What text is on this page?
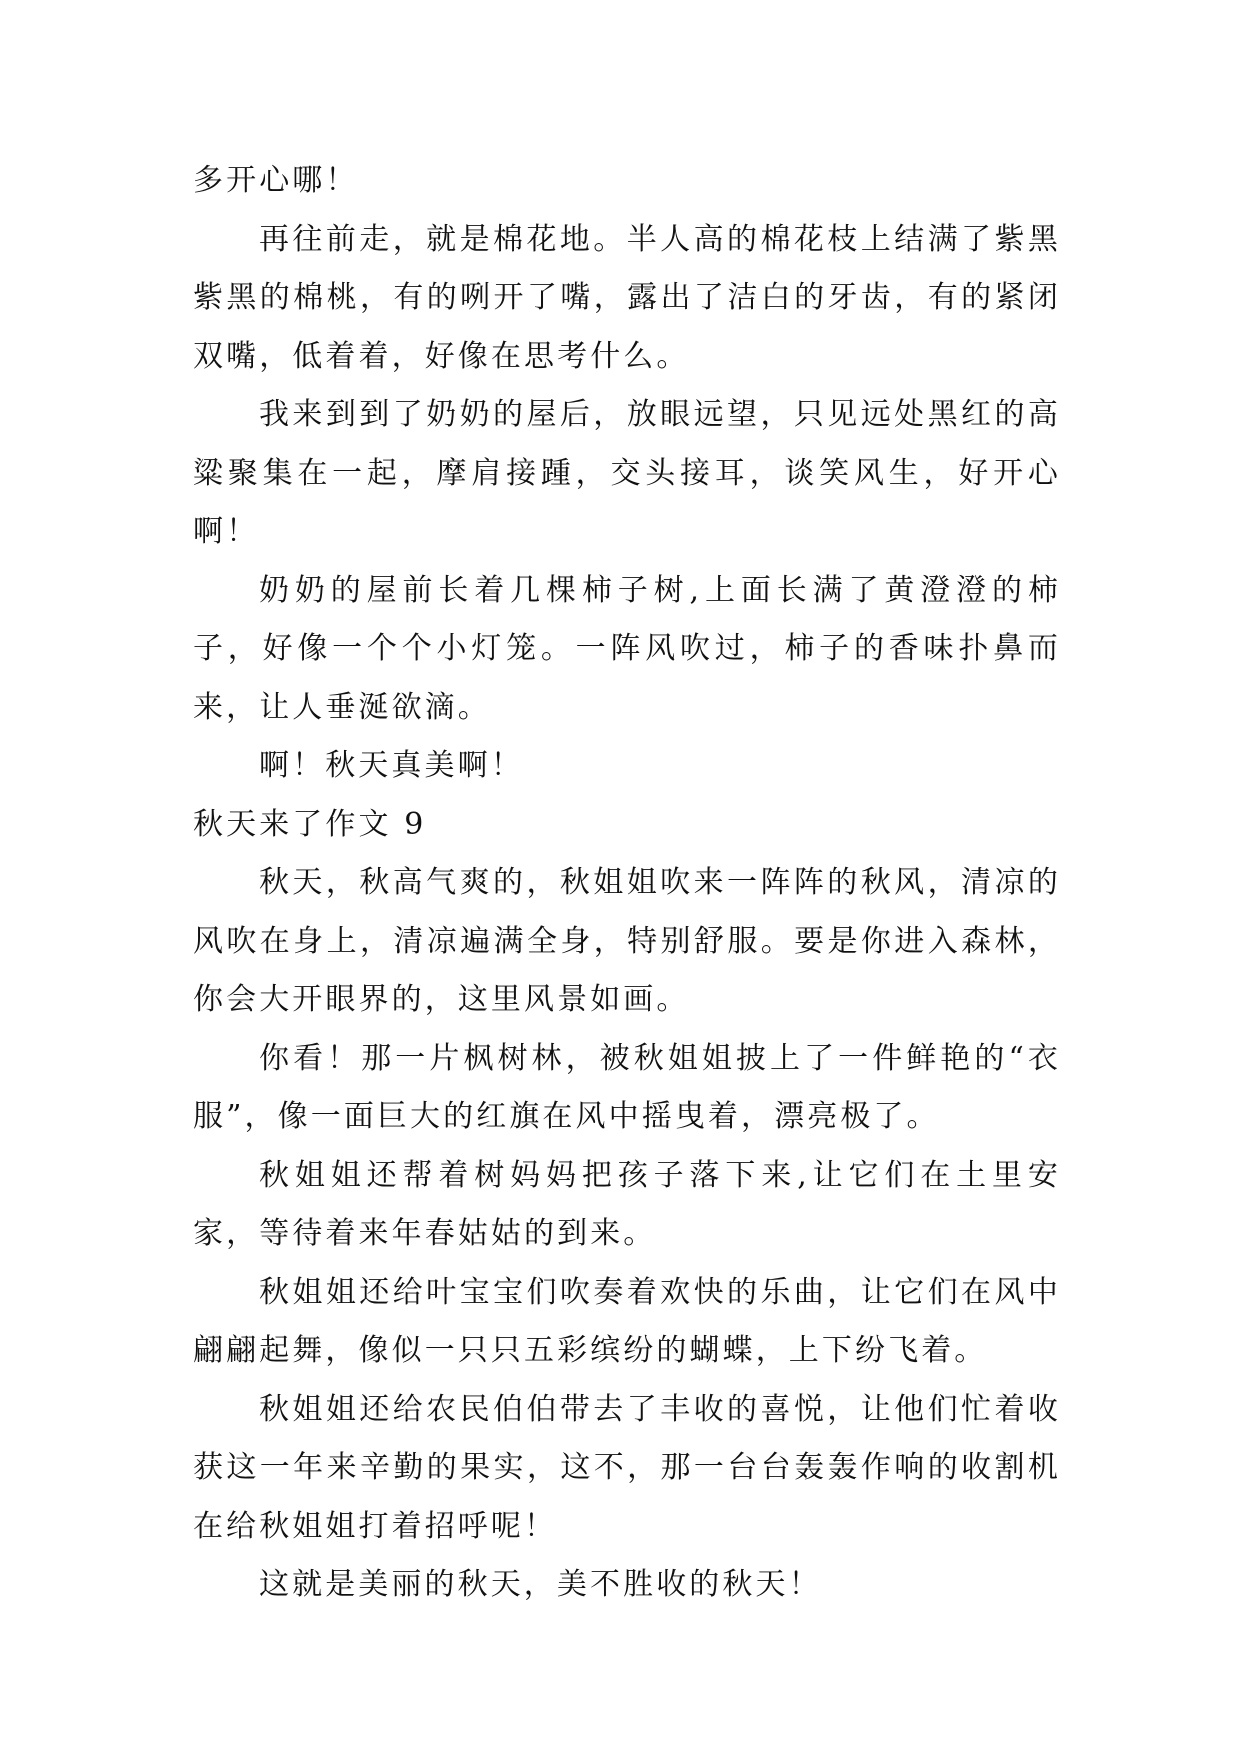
多开心哪！

再往前走，就是棉花地。半人高的棉花枝上结满了紫黑紫黑的棉桃，有的咧开了嘴，露出了洁白的牙齿，有的紧闭双嘴，低着着，好像在思考什么。

我来到到了奶奶的屋后，放眼远望，只见远处黑红的高粱聚集在一起，摩肩接踵，交头接耳，谈笑风生，好开心啊！

奶奶的屋前长着几棵柿子树,上面长满了黄澄澄的柿子，好像一个个小灯笼。一阵风吹过，柿子的香味扑鼻而来，让人垂涎欲滴。

啊！秋天真美啊！

秋天来了作文 9

秋天，秋高气爽的，秋姐姐吹来一阵阵的秋风，清凉的风吹在身上，清凉遍满全身，特别舒服。要是你进入森林，你会大开眼界的，这里风景如画。

你看！那一片枫树林，被秋姐姐披上了一件鲜艳的“衣服”，像一面巨大的红旗在风中摇曳着，漂亮极了。

秋姐姐还帮着树妈妈把孩子落下来,让它们在土里安家，等待着来年春姑姑的到来。

秋姐姐还给叶宝宝们吹奏着欢快的乐曲，让它们在风中翩翩起舞，像似一只只五彩缤纷的蝴蝶，上下纷飞着。

秋姐姐还给农民伯伯带去了丰收的喜悦，让他们忙着收获这一年来辛勤的果实，这不，那一台台轰轰作响的收割机在给秋姐姐打着招呼呢！

这就是美丽的秋天，美不胜收的秋天！
